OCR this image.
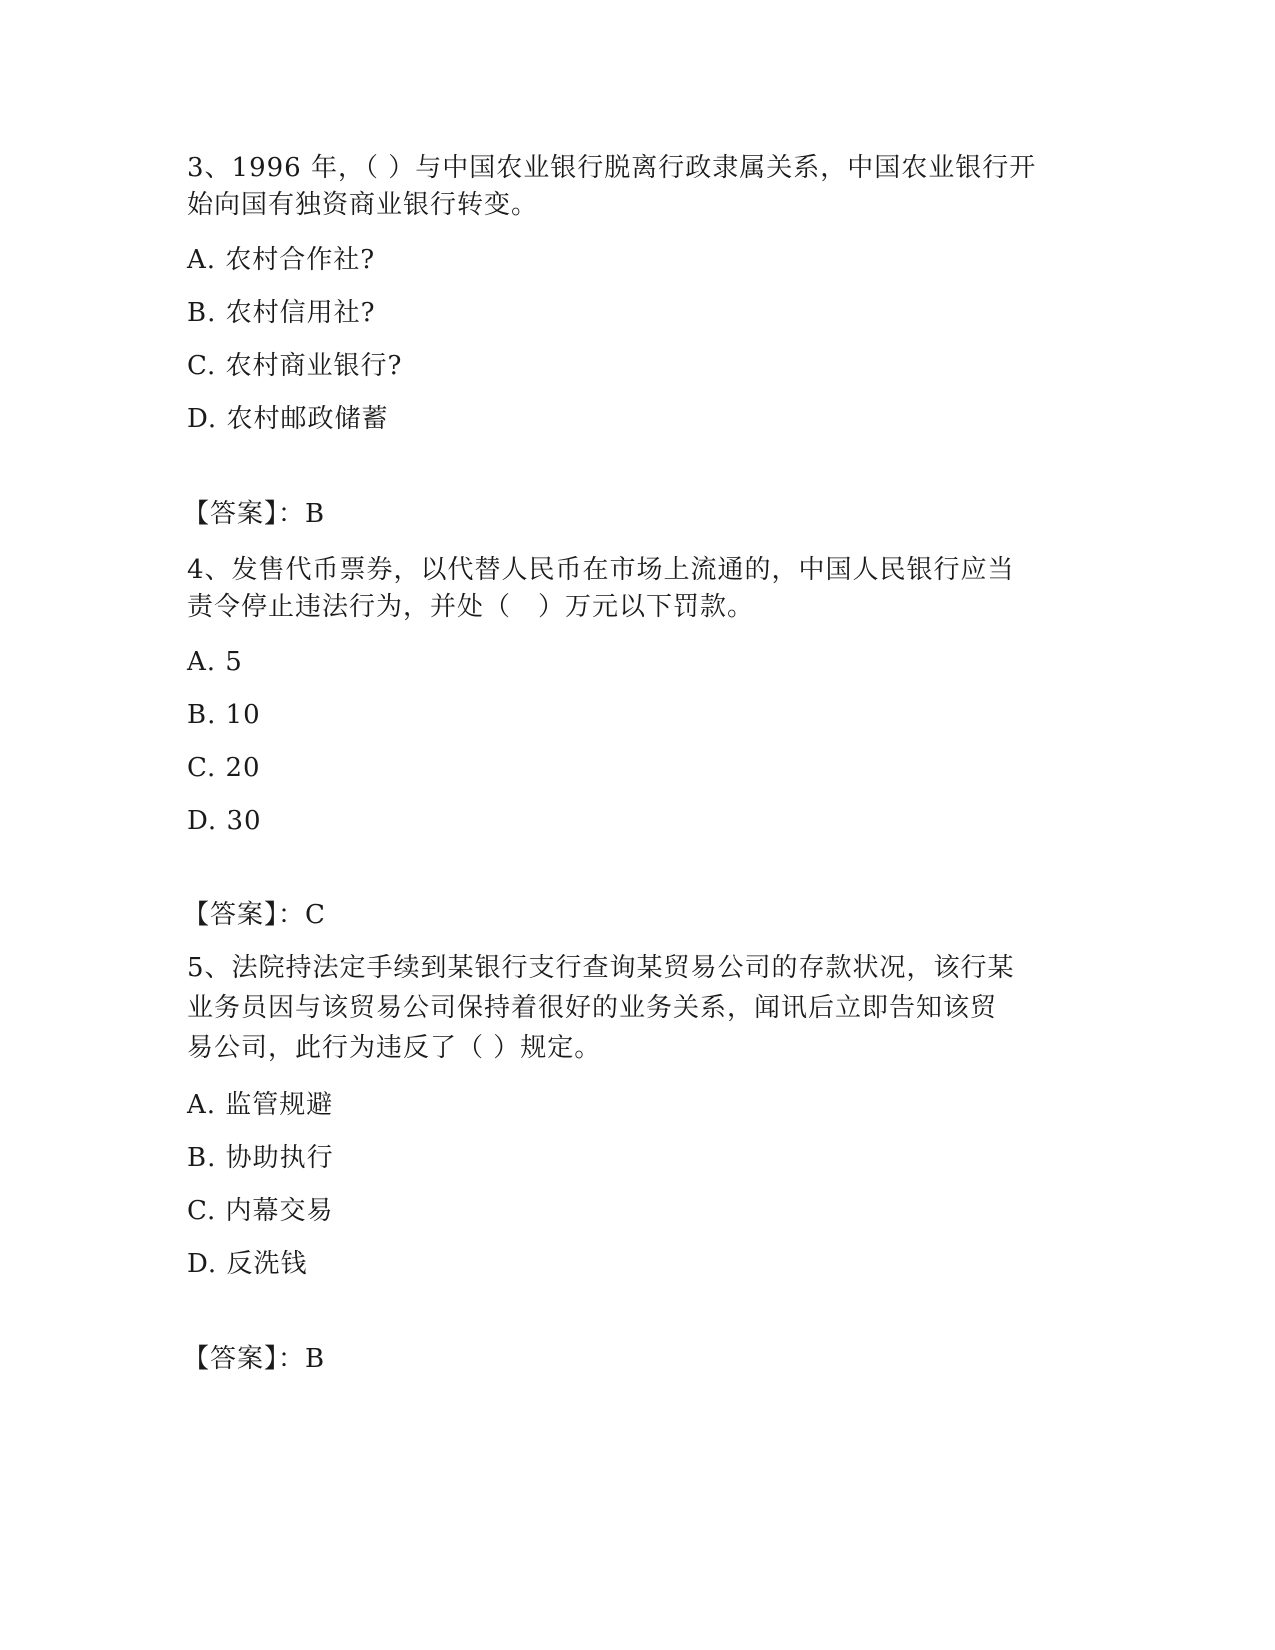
3、1996 年，（ ）与中国农业银行脱离行政隶属关系，中国农业银行开
始向国有独资商业银行转变。
A. 农村合作社?
B. 农村信用社?
C. 农村商业银行?
D. 农村邮政储蓄
【答案】：B
4、发售代币票券，以代替人民币在市场上流通的，中国人民银行应当
责令停止违法行为，并处（　）万元以下罚款。
A. 5
B. 10
C. 20
D. 30
【答案】：C
5、法院持法定手续到某银行支行查询某贸易公司的存款状况，该行某
业务员因与该贸易公司保持着很好的业务关系，闻讯后立即告知该贸
易公司，此行为违反了（ ）规定。
A. 监管规避
B. 协助执行
C. 内幕交易
D. 反洗钱
【答案】：B
